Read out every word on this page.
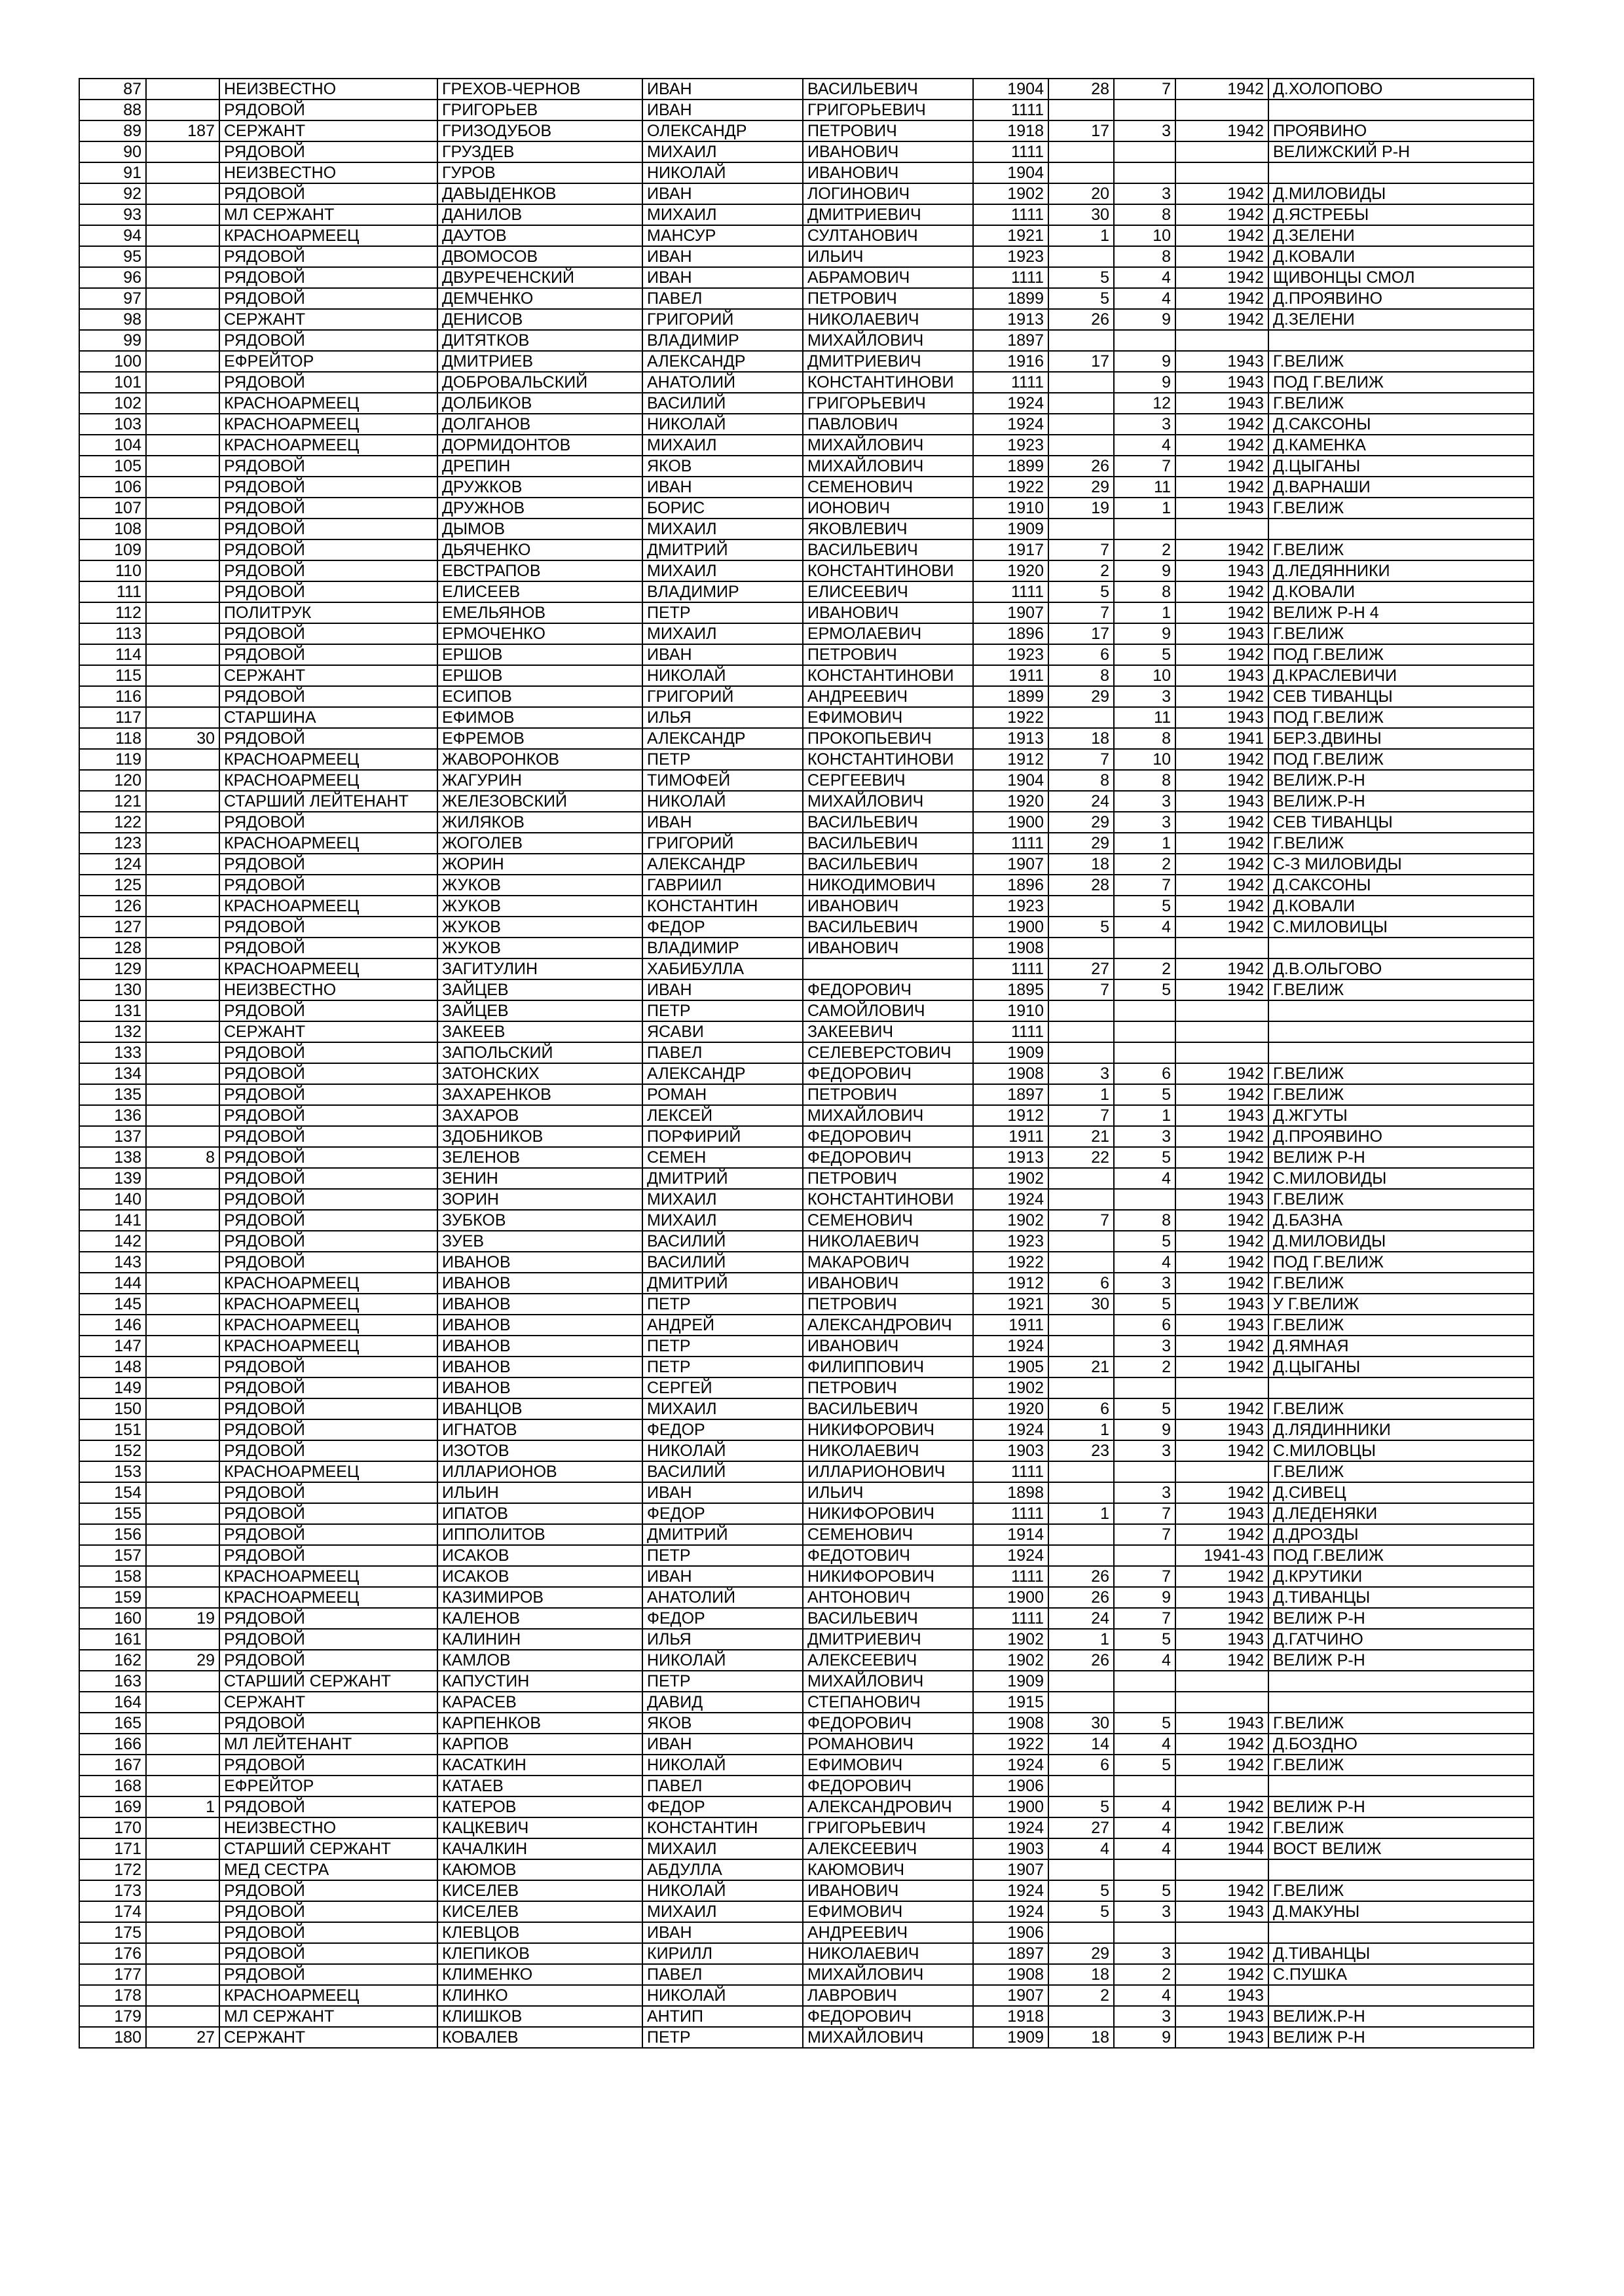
87		НЕИЗВЕСТНО	ГРЕХОВ-ЧЕРНОВ	ИВАН	ВАСИЛЬЕВИЧ	1904	28	7	1942	Д.ХОЛОПОВО
88		РЯДОВОЙ	ГРИГОРЬЕВ	ИВАН	ГРИГОРЬЕВИЧ	1111				
89	187	СЕРЖАНТ	ГРИЗОДУБОВ	ОЛЕКСАНДР	ПЕТРОВИЧ	1918	17	3	1942	ПРОЯВИНО
90		РЯДОВОЙ	ГРУЗДЕВ	МИХАИЛ	ИВАНОВИЧ	1111				ВЕЛИЖСКИЙ Р-Н
91		НЕИЗВЕСТНО	ГУРОВ	НИКОЛАЙ	ИВАНОВИЧ	1904				
92		РЯДОВОЙ	ДАВЫДЕНКОВ	ИВАН	ЛОГИНОВИЧ	1902	20	3	1942	Д.МИЛОВИДЫ
93		МЛ СЕРЖАНТ	ДАНИЛОВ	МИХАИЛ	ДМИТРИЕВИЧ	1111	30	8	1942	Д.ЯСТРЕБЫ
94		КРАСНОАРМЕЕЦ	ДАУТОВ	МАНСУР	СУЛТАНОВИЧ	1921	1	10	1942	Д.ЗЕЛЕНИ
95		РЯДОВОЙ	ДВОМОСОВ	ИВАН	ИЛЬИЧ	1923		8	1942	Д.КОВАЛИ
96		РЯДОВОЙ	ДВУРЕЧЕНСКИЙ	ИВАН	АБРАМОВИЧ	1111	5	4	1942	ЩИВОНЦЫ СМОЛ
97		РЯДОВОЙ	ДЕМЧЕНКО	ПАВЕЛ	ПЕТРОВИЧ	1899	5	4	1942	Д.ПРОЯВИНО
98		СЕРЖАНТ	ДЕНИСОВ	ГРИГОРИЙ	НИКОЛАЕВИЧ	1913	26	9	1942	Д.ЗЕЛЕНИ
99		РЯДОВОЙ	ДИТЯТКОВ	ВЛАДИМИР	МИХАЙЛОВИЧ	1897				
100		ЕФРЕЙТОР	ДМИТРИЕВ	АЛЕКСАНДР	ДМИТРИЕВИЧ	1916	17	9	1943	Г.ВЕЛИЖ
101		РЯДОВОЙ	ДОБРОВАЛЬСКИЙ	АНАТОЛИЙ	КОНСТАНТИНОВИ	1111		9	1943	ПОД Г.ВЕЛИЖ
102		КРАСНОАРМЕЕЦ	ДОЛБИКОВ	ВАСИЛИЙ	ГРИГОРЬЕВИЧ	1924		12	1943	Г.ВЕЛИЖ
103		КРАСНОАРМЕЕЦ	ДОЛГАНОВ	НИКОЛАЙ	ПАВЛОВИЧ	1924		3	1942	Д.САКСОНЫ
104		КРАСНОАРМЕЕЦ	ДОРМИДОНТОВ	МИХАИЛ	МИХАЙЛОВИЧ	1923		4	1942	Д.КАМЕНКА
105		РЯДОВОЙ	ДРЕПИН	ЯКОВ	МИХАЙЛОВИЧ	1899	26	7	1942	Д.ЦЫГАНЫ
106		РЯДОВОЙ	ДРУЖКОВ	ИВАН	СЕМЕНОВИЧ	1922	29	11	1942	Д.ВАРНАШИ
107		РЯДОВОЙ	ДРУЖНОВ	БОРИС	ИОНОВИЧ	1910	19	1	1943	Г.ВЕЛИЖ
108		РЯДОВОЙ	ДЫМОВ	МИХАИЛ	ЯКОВЛЕВИЧ	1909				
109		РЯДОВОЙ	ДЬЯЧЕНКО	ДМИТРИЙ	ВАСИЛЬЕВИЧ	1917	7	2	1942	Г.ВЕЛИЖ
110		РЯДОВОЙ	ЕВСТРАПОВ	МИХАИЛ	КОНСТАНТИНОВИ	1920	2	9	1943	Д.ЛЕДЯННИКИ
111		РЯДОВОЙ	ЕЛИСЕЕВ	ВЛАДИМИР	ЕЛИСЕЕВИЧ	1111	5	8	1942	Д.КОВАЛИ
112		ПОЛИТРУК	ЕМЕЛЬЯНОВ	ПЕТР	ИВАНОВИЧ	1907	7	1	1942	ВЕЛИЖ Р-Н 4
113		РЯДОВОЙ	ЕРМОЧЕНКО	МИХАИЛ	ЕРМОЛАЕВИЧ	1896	17	9	1943	Г.ВЕЛИЖ
114		РЯДОВОЙ	ЕРШОВ	ИВАН	ПЕТРОВИЧ	1923	6	5	1942	ПОД Г.ВЕЛИЖ
115		СЕРЖАНТ	ЕРШОВ	НИКОЛАЙ	КОНСТАНТИНОВИ	1911	8	10	1943	Д.КРАСЛЕВИЧИ
116		РЯДОВОЙ	ЕСИПОВ	ГРИГОРИЙ	АНДРЕЕВИЧ	1899	29	3	1942	СЕВ ТИВАНЦЫ
117		СТАРШИНА	ЕФИМОВ	ИЛЬЯ	ЕФИМОВИЧ	1922		11	1943	ПОД Г.ВЕЛИЖ
118	30	РЯДОВОЙ	ЕФРЕМОВ	АЛЕКСАНДР	ПРОКОПЬЕВИЧ	1913	18	8	1941	БЕР.З.ДВИНЫ
119		КРАСНОАРМЕЕЦ	ЖАВОРОНКОВ	ПЕТР	КОНСТАНТИНОВИ	1912	7	10	1942	ПОД Г.ВЕЛИЖ
120		КРАСНОАРМЕЕЦ	ЖАГУРИН	ТИМОФЕЙ	СЕРГЕЕВИЧ	1904	8	8	1942	ВЕЛИЖ.Р-Н
121		СТАРШИЙ ЛЕЙТЕНАНТ	ЖЕЛЕЗОВСКИЙ	НИКОЛАЙ	МИХАЙЛОВИЧ	1920	24	3	1943	ВЕЛИЖ.Р-Н
122		РЯДОВОЙ	ЖИЛЯКОВ	ИВАН	ВАСИЛЬЕВИЧ	1900	29	3	1942	СЕВ ТИВАНЦЫ
123		КРАСНОАРМЕЕЦ	ЖОГОЛЕВ	ГРИГОРИЙ	ВАСИЛЬЕВИЧ	1111	29	1	1942	Г.ВЕЛИЖ
124		РЯДОВОЙ	ЖОРИН	АЛЕКСАНДР	ВАСИЛЬЕВИЧ	1907	18	2	1942	С-З МИЛОВИДЫ
125		РЯДОВОЙ	ЖУКОВ	ГАВРИИЛ	НИКОДИМОВИЧ	1896	28	7	1942	Д.САКСОНЫ
126		КРАСНОАРМЕЕЦ	ЖУКОВ	КОНСТАНТИН	ИВАНОВИЧ	1923		5	1942	Д.КОВАЛИ
127		РЯДОВОЙ	ЖУКОВ	ФЕДОР	ВАСИЛЬЕВИЧ	1900	5	4	1942	С.МИЛОВИЦЫ
128		РЯДОВОЙ	ЖУКОВ	ВЛАДИМИР	ИВАНОВИЧ	1908				
129		КРАСНОАРМЕЕЦ	ЗАГИТУЛИН	ХАБИБУЛЛА		1111	27	2	1942	Д.В.ОЛЬГОВО
130		НЕИЗВЕСТНО	ЗАЙЦЕВ	ИВАН	ФЕДОРОВИЧ	1895	7	5	1942	Г.ВЕЛИЖ
131		РЯДОВОЙ	ЗАЙЦЕВ	ПЕТР	САМОЙЛОВИЧ	1910				
132		СЕРЖАНТ	ЗАКЕЕВ	ЯСАВИ	ЗАКЕЕВИЧ	1111				
133		РЯДОВОЙ	ЗАПОЛЬСКИЙ	ПАВЕЛ	СЕЛЕВЕРСТОВИЧ	1909				
134		РЯДОВОЙ	ЗАТОНСКИХ	АЛЕКСАНДР	ФЕДОРОВИЧ	1908	3	6	1942	Г.ВЕЛИЖ
135		РЯДОВОЙ	ЗАХАРЕНКОВ	РОМАН	ПЕТРОВИЧ	1897	1	5	1942	Г.ВЕЛИЖ
136		РЯДОВОЙ	ЗАХАРОВ	ЛЕКСЕЙ	МИХАЙЛОВИЧ	1912	7	1	1943	Д.ЖГУТЫ
137		РЯДОВОЙ	ЗДОБНИКОВ	ПОРФИРИЙ	ФЕДОРОВИЧ	1911	21	3	1942	Д.ПРОЯВИНО
138	8	РЯДОВОЙ	ЗЕЛЕНОВ	СЕМЕН	ФЕДОРОВИЧ	1913	22	5	1942	ВЕЛИЖ Р-Н
139		РЯДОВОЙ	ЗЕНИН	ДМИТРИЙ	ПЕТРОВИЧ	1902		4	1942	С.МИЛОВИДЫ
140		РЯДОВОЙ	ЗОРИН	МИХАИЛ	КОНСТАНТИНОВИ	1924			1943	Г.ВЕЛИЖ
141		РЯДОВОЙ	ЗУБКОВ	МИХАИЛ	СЕМЕНОВИЧ	1902	7	8	1942	Д.БАЗНА
142		РЯДОВОЙ	ЗУЕВ	ВАСИЛИЙ	НИКОЛАЕВИЧ	1923		5	1942	Д.МИЛОВИДЫ
143		РЯДОВОЙ	ИВАНОВ	ВАСИЛИЙ	МАКАРОВИЧ	1922		4	1942	ПОД Г.ВЕЛИЖ
144		КРАСНОАРМЕЕЦ	ИВАНОВ	ДМИТРИЙ	ИВАНОВИЧ	1912	6	3	1942	Г.ВЕЛИЖ
145		КРАСНОАРМЕЕЦ	ИВАНОВ	ПЕТР	ПЕТРОВИЧ	1921	30	5	1943	У Г.ВЕЛИЖ
146		КРАСНОАРМЕЕЦ	ИВАНОВ	АНДРЕЙ	АЛЕКСАНДРОВИЧ	1911		6	1943	Г.ВЕЛИЖ
147		КРАСНОАРМЕЕЦ	ИВАНОВ	ПЕТР	ИВАНОВИЧ	1924		3	1942	Д.ЯМНАЯ
148		РЯДОВОЙ	ИВАНОВ	ПЕТР	ФИЛИППОВИЧ	1905	21	2	1942	Д.ЦЫГАНЫ
149		РЯДОВОЙ	ИВАНОВ	СЕРГЕЙ	ПЕТРОВИЧ	1902				
150		РЯДОВОЙ	ИВАНЦОВ	МИХАИЛ	ВАСИЛЬЕВИЧ	1920	6	5	1942	Г.ВЕЛИЖ
151		РЯДОВОЙ	ИГНАТОВ	ФЕДОР	НИКИФОРОВИЧ	1924	1	9	1943	Д.ЛЯДИННИКИ
152		РЯДОВОЙ	ИЗОТОВ	НИКОЛАЙ	НИКОЛАЕВИЧ	1903	23	3	1942	С.МИЛОВЦЫ
153		КРАСНОАРМЕЕЦ	ИЛЛАРИОНОВ	ВАСИЛИЙ	ИЛЛАРИОНОВИЧ	1111				Г.ВЕЛИЖ
154		РЯДОВОЙ	ИЛЬИН	ИВАН	ИЛЬИЧ	1898		3	1942	Д.СИВЕЦ
155		РЯДОВОЙ	ИПАТОВ	ФЕДОР	НИКИФОРОВИЧ	1111	1	7	1943	Д.ЛЕДЕНЯКИ
156		РЯДОВОЙ	ИППОЛИТОВ	ДМИТРИЙ	СЕМЕНОВИЧ	1914		7	1942	Д.ДРОЗДЫ
157		РЯДОВОЙ	ИСАКОВ	ПЕТР	ФЕДОТОВИЧ	1924			1941-43	ПОД Г.ВЕЛИЖ
158		КРАСНОАРМЕЕЦ	ИСАКОВ	ИВАН	НИКИФОРОВИЧ	1111	26	7	1942	Д.КРУТИКИ
159		КРАСНОАРМЕЕЦ	КАЗИМИРОВ	АНАТОЛИЙ	АНТОНОВИЧ	1900	26	9	1943	Д.ТИВАНЦЫ
160	19	РЯДОВОЙ	КАЛЕНОВ	ФЕДОР	ВАСИЛЬЕВИЧ	1111	24	7	1942	ВЕЛИЖ Р-Н
161		РЯДОВОЙ	КАЛИНИН	ИЛЬЯ	ДМИТРИЕВИЧ	1902	1	5	1943	Д.ГАТЧИНО
162	29	РЯДОВОЙ	КАМЛОВ	НИКОЛАЙ	АЛЕКСЕЕВИЧ	1902	26	4	1942	ВЕЛИЖ Р-Н
163		СТАРШИЙ СЕРЖАНТ	КАПУСТИН	ПЕТР	МИХАЙЛОВИЧ	1909				
164		СЕРЖАНТ	КАРАСЕВ	ДАВИД	СТЕПАНОВИЧ	1915				
165		РЯДОВОЙ	КАРПЕНКОВ	ЯКОВ	ФЕДОРОВИЧ	1908	30	5	1943	Г.ВЕЛИЖ
166		МЛ ЛЕЙТЕНАНТ	КАРПОВ	ИВАН	РОМАНОВИЧ	1922	14	4	1942	Д.БОЗДНО
167		РЯДОВОЙ	КАСАТКИН	НИКОЛАЙ	ЕФИМОВИЧ	1924	6	5	1942	Г.ВЕЛИЖ
168		ЕФРЕЙТОР	КАТАЕВ	ПАВЕЛ	ФЕДОРОВИЧ	1906				
169	1	РЯДОВОЙ	КАТЕРОВ	ФЕДОР	АЛЕКСАНДРОВИЧ	1900	5	4	1942	ВЕЛИЖ Р-Н
170		НЕИЗВЕСТНО	КАЦКЕВИЧ	КОНСТАНТИН	ГРИГОРЬЕВИЧ	1924	27	4	1942	Г.ВЕЛИЖ
171		СТАРШИЙ СЕРЖАНТ	КАЧАЛКИН	МИХАИЛ	АЛЕКСЕЕВИЧ	1903	4	4	1944	ВОСТ ВЕЛИЖ
172		МЕД СЕСТРА	КАЮМОВ	АБДУЛЛА	КАЮМОВИЧ	1907				
173		РЯДОВОЙ	КИСЕЛЕВ	НИКОЛАЙ	ИВАНОВИЧ	1924	5	5	1942	Г.ВЕЛИЖ
174		РЯДОВОЙ	КИСЕЛЕВ	МИХАИЛ	ЕФИМОВИЧ	1924	5	3	1943	Д.МАКУНЫ
175		РЯДОВОЙ	КЛЕВЦОВ	ИВАН	АНДРЕЕВИЧ	1906				
176		РЯДОВОЙ	КЛЕПИКОВ	КИРИЛЛ	НИКОЛАЕВИЧ	1897	29	3	1942	Д.ТИВАНЦЫ
177		РЯДОВОЙ	КЛИМЕНКО	ПАВЕЛ	МИХАЙЛОВИЧ	1908	18	2	1942	С.ПУШКА
178		КРАСНОАРМЕЕЦ	КЛИНКО	НИКОЛАЙ	ЛАВРОВИЧ	1907	2	4	1943	
179		МЛ СЕРЖАНТ	КЛИШКОВ	АНТИП	ФЕДОРОВИЧ	1918		3	1943	ВЕЛИЖ.Р-Н
180	27	СЕРЖАНТ	КОВАЛЕВ	ПЕТР	МИХАЙЛОВИЧ	1909	18	9	1943	ВЕЛИЖ Р-Н
